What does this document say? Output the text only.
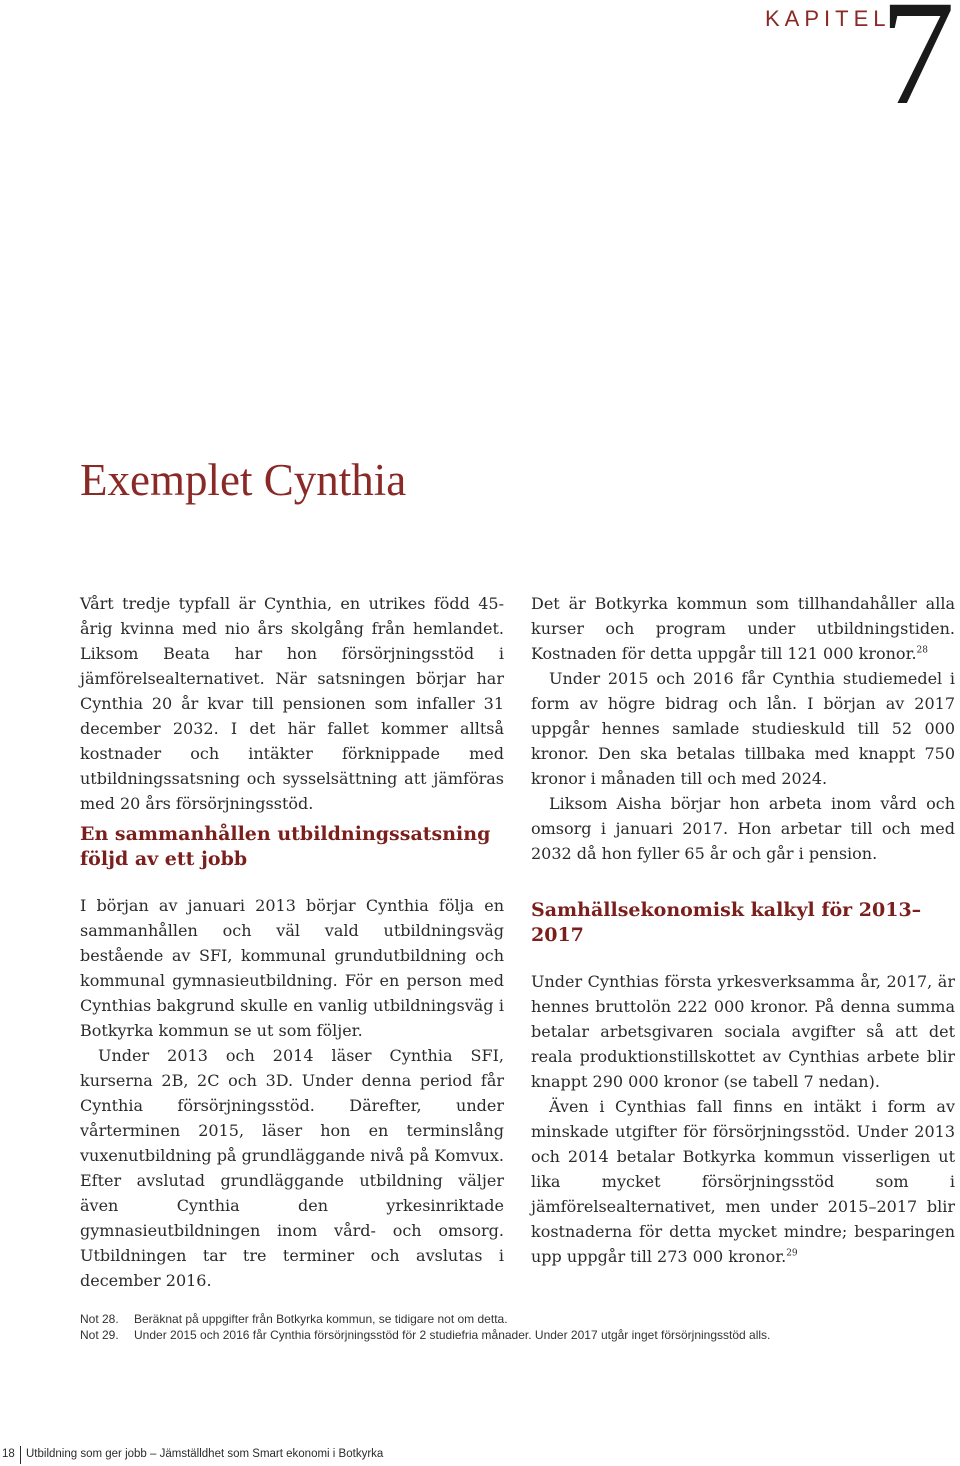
KAPITEL
7
Exemplet Cynthia

Vårt tredje typfall är Cynthia, en utrikes född 45-årig kvinna med nio års skolgång från hemlandet. Liksom Beata har hon försörjningsstöd i jämförelsealternativet. När satsningen börjar har Cynthia 20 år kvar till pensionen som infaller 31 december 2032. I det här fallet kommer alltså kostnader och intäkter förknippade med utbildningssatsning och sysselsättning att jämföras med 20 års försörjningsstöd.

En sammanhållen utbildningssatsning följd av ett jobb

I början av januari 2013 börjar Cynthia följa en sammanhållen och väl vald utbildningsväg bestående av SFI, kommunal grundutbildning och kommunal gymnasieutbildning. För en person med Cynthias bakgrund skulle en vanlig utbildningsväg i Botkyrka kommun se ut som följer.

Under 2013 och 2014 läser Cynthia SFI, kurserna 2B, 2C och 3D. Under denna period får Cynthia försörjningsstöd. Därefter, under vårterminen 2015, läser hon en terminslång vuxenutbildning på grundläggande nivå på Komvux. Efter avslutad grundläggande utbildning väljer även Cynthia den yrkesinriktade gymnasieutbildningen inom vård- och omsorg. Utbildningen tar tre terminer och avslutas i december 2016.

Det är Botkyrka kommun som tillhandahåller alla kurser och program under utbildningstiden. Kostnaden för detta uppgår till 121 000 kronor.$^{28}$

Under 2015 och 2016 får Cynthia studiemedel i form av högre bidrag och lån. I början av 2017 uppgår hennes samlade studieskuld till 52 000 kronor. Den ska betalas tillbaka med knappt 750 kronor i månaden till och med 2024.

Liksom Aisha börjar hon arbeta inom vård och omsorg i januari 2017. Hon arbetar till och med 2032 då hon fyller 65 år och går i pension.

Samhällsekonomisk kalkyl för 2013–2017

Under Cynthias första yrkesverksamma år, 2017, är hennes bruttolön 222 000 kronor. På denna summa betalar arbetsgivaren sociala avgifter så att det reala produktionstillskottet av Cynthias arbete blir knappt 290 000 kronor (se tabell 7 nedan).

Även i Cynthias fall finns en intäkt i form av minskade utgifter för försörjningsstöd. Under 2013 och 2014 betalar Botkyrka kommun visserligen ut lika mycket försörjningsstöd som i jämförelsealternativet, men under 2015–2017 blir kostnaderna för detta mycket mindre; besparingen upp uppgår till 273 000 kronor.$^{29}$

Not 28. Beräknat på uppgifter från Botkyrka kommun, se tidigare not om detta.
Not 29. Under 2015 och 2016 får Cynthia försörjningsstöd för 2 studiefria månader. Under 2017 utgår inget försörjningsstöd alls.
18 Utbildning som ger jobb – Jämställdhet som Smart ekonomi i Botkyrka
